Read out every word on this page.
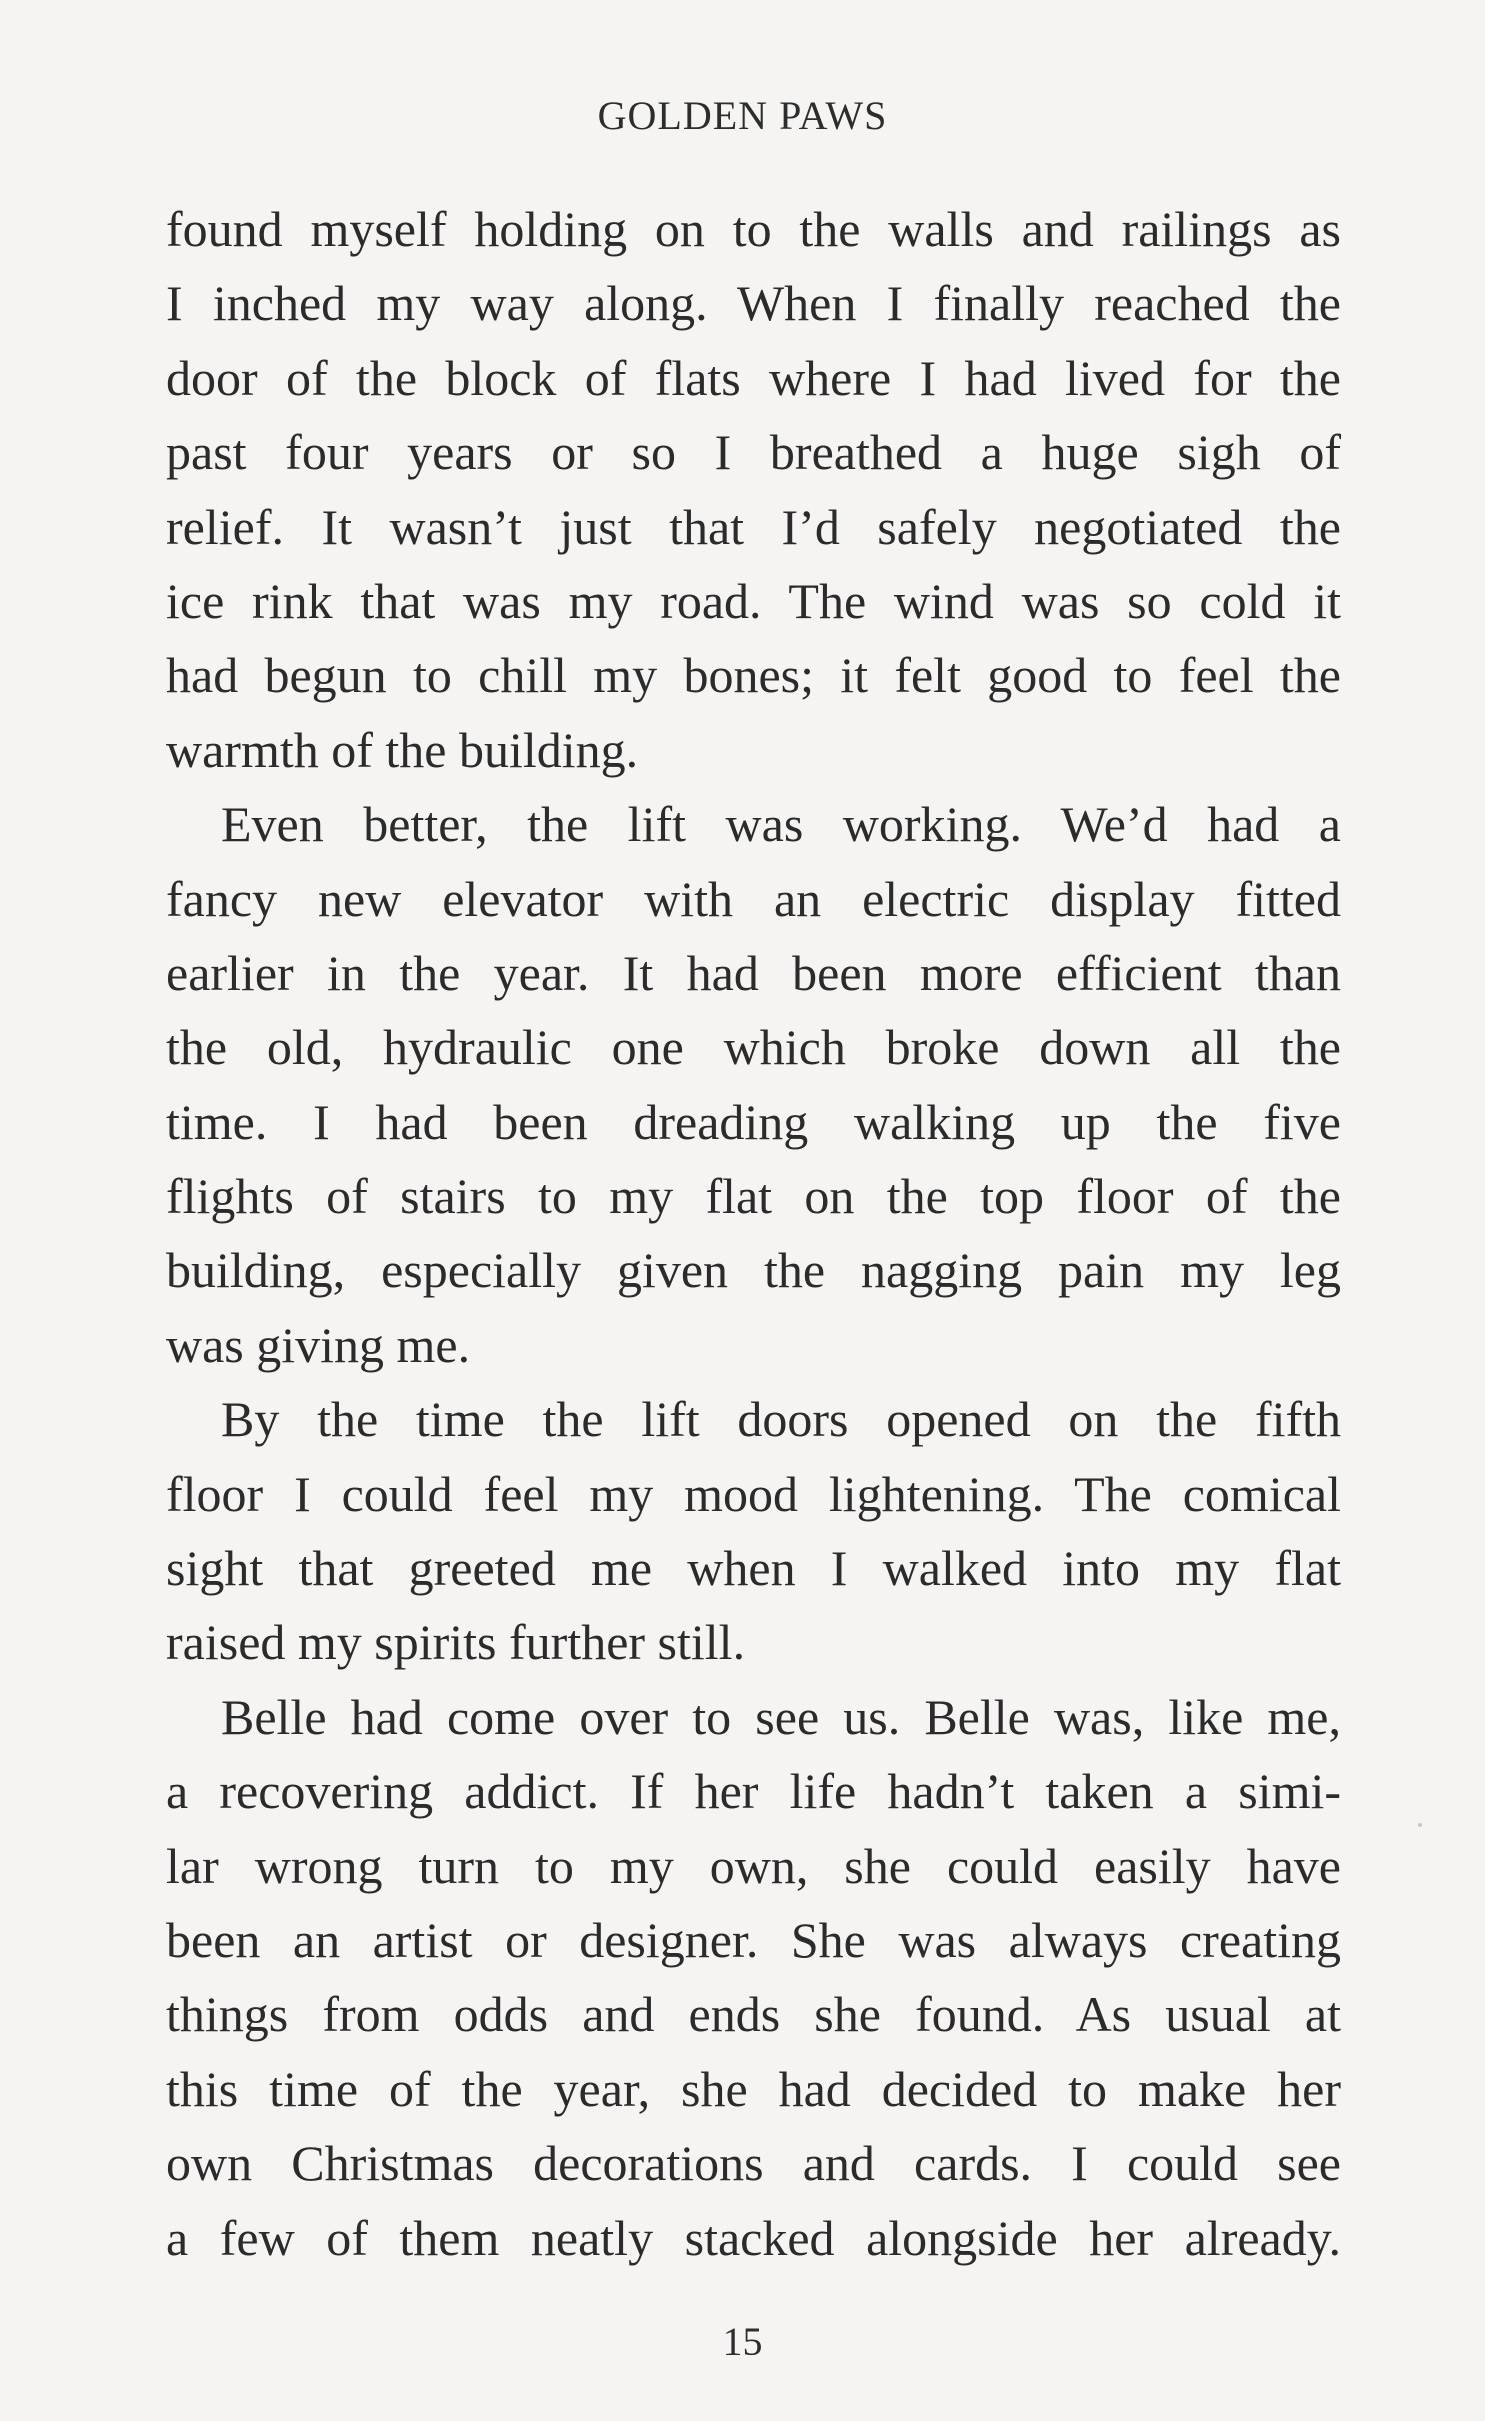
GOLDEN PAWS
found myself holding on to the walls and railings as
I inched my way along. When I finally reached the
door of the block of flats where I had lived for the
past four years or so I breathed a huge sigh of
relief. It wasn’t just that I’d safely negotiated the
ice rink that was my road. The wind was so cold it
had begun to chill my bones; it felt good to feel the
warmth of the building.
Even better, the lift was working. We’d had a
fancy new elevator with an electric display fitted
earlier in the year. It had been more efficient than
the old, hydraulic one which broke down all the
time. I had been dreading walking up the five
flights of stairs to my flat on the top floor of the
building, especially given the nagging pain my leg
was giving me.
By the time the lift doors opened on the fifth
floor I could feel my mood lightening. The comical
sight that greeted me when I walked into my flat
raised my spirits further still.
Belle had come over to see us. Belle was, like me,
a recovering addict. If her life hadn’t taken a simi-
lar wrong turn to my own, she could easily have
been an artist or designer. She was always creating
things from odds and ends she found. As usual at
this time of the year, she had decided to make her
own Christmas decorations and cards. I could see
a few of them neatly stacked alongside her already.
15
